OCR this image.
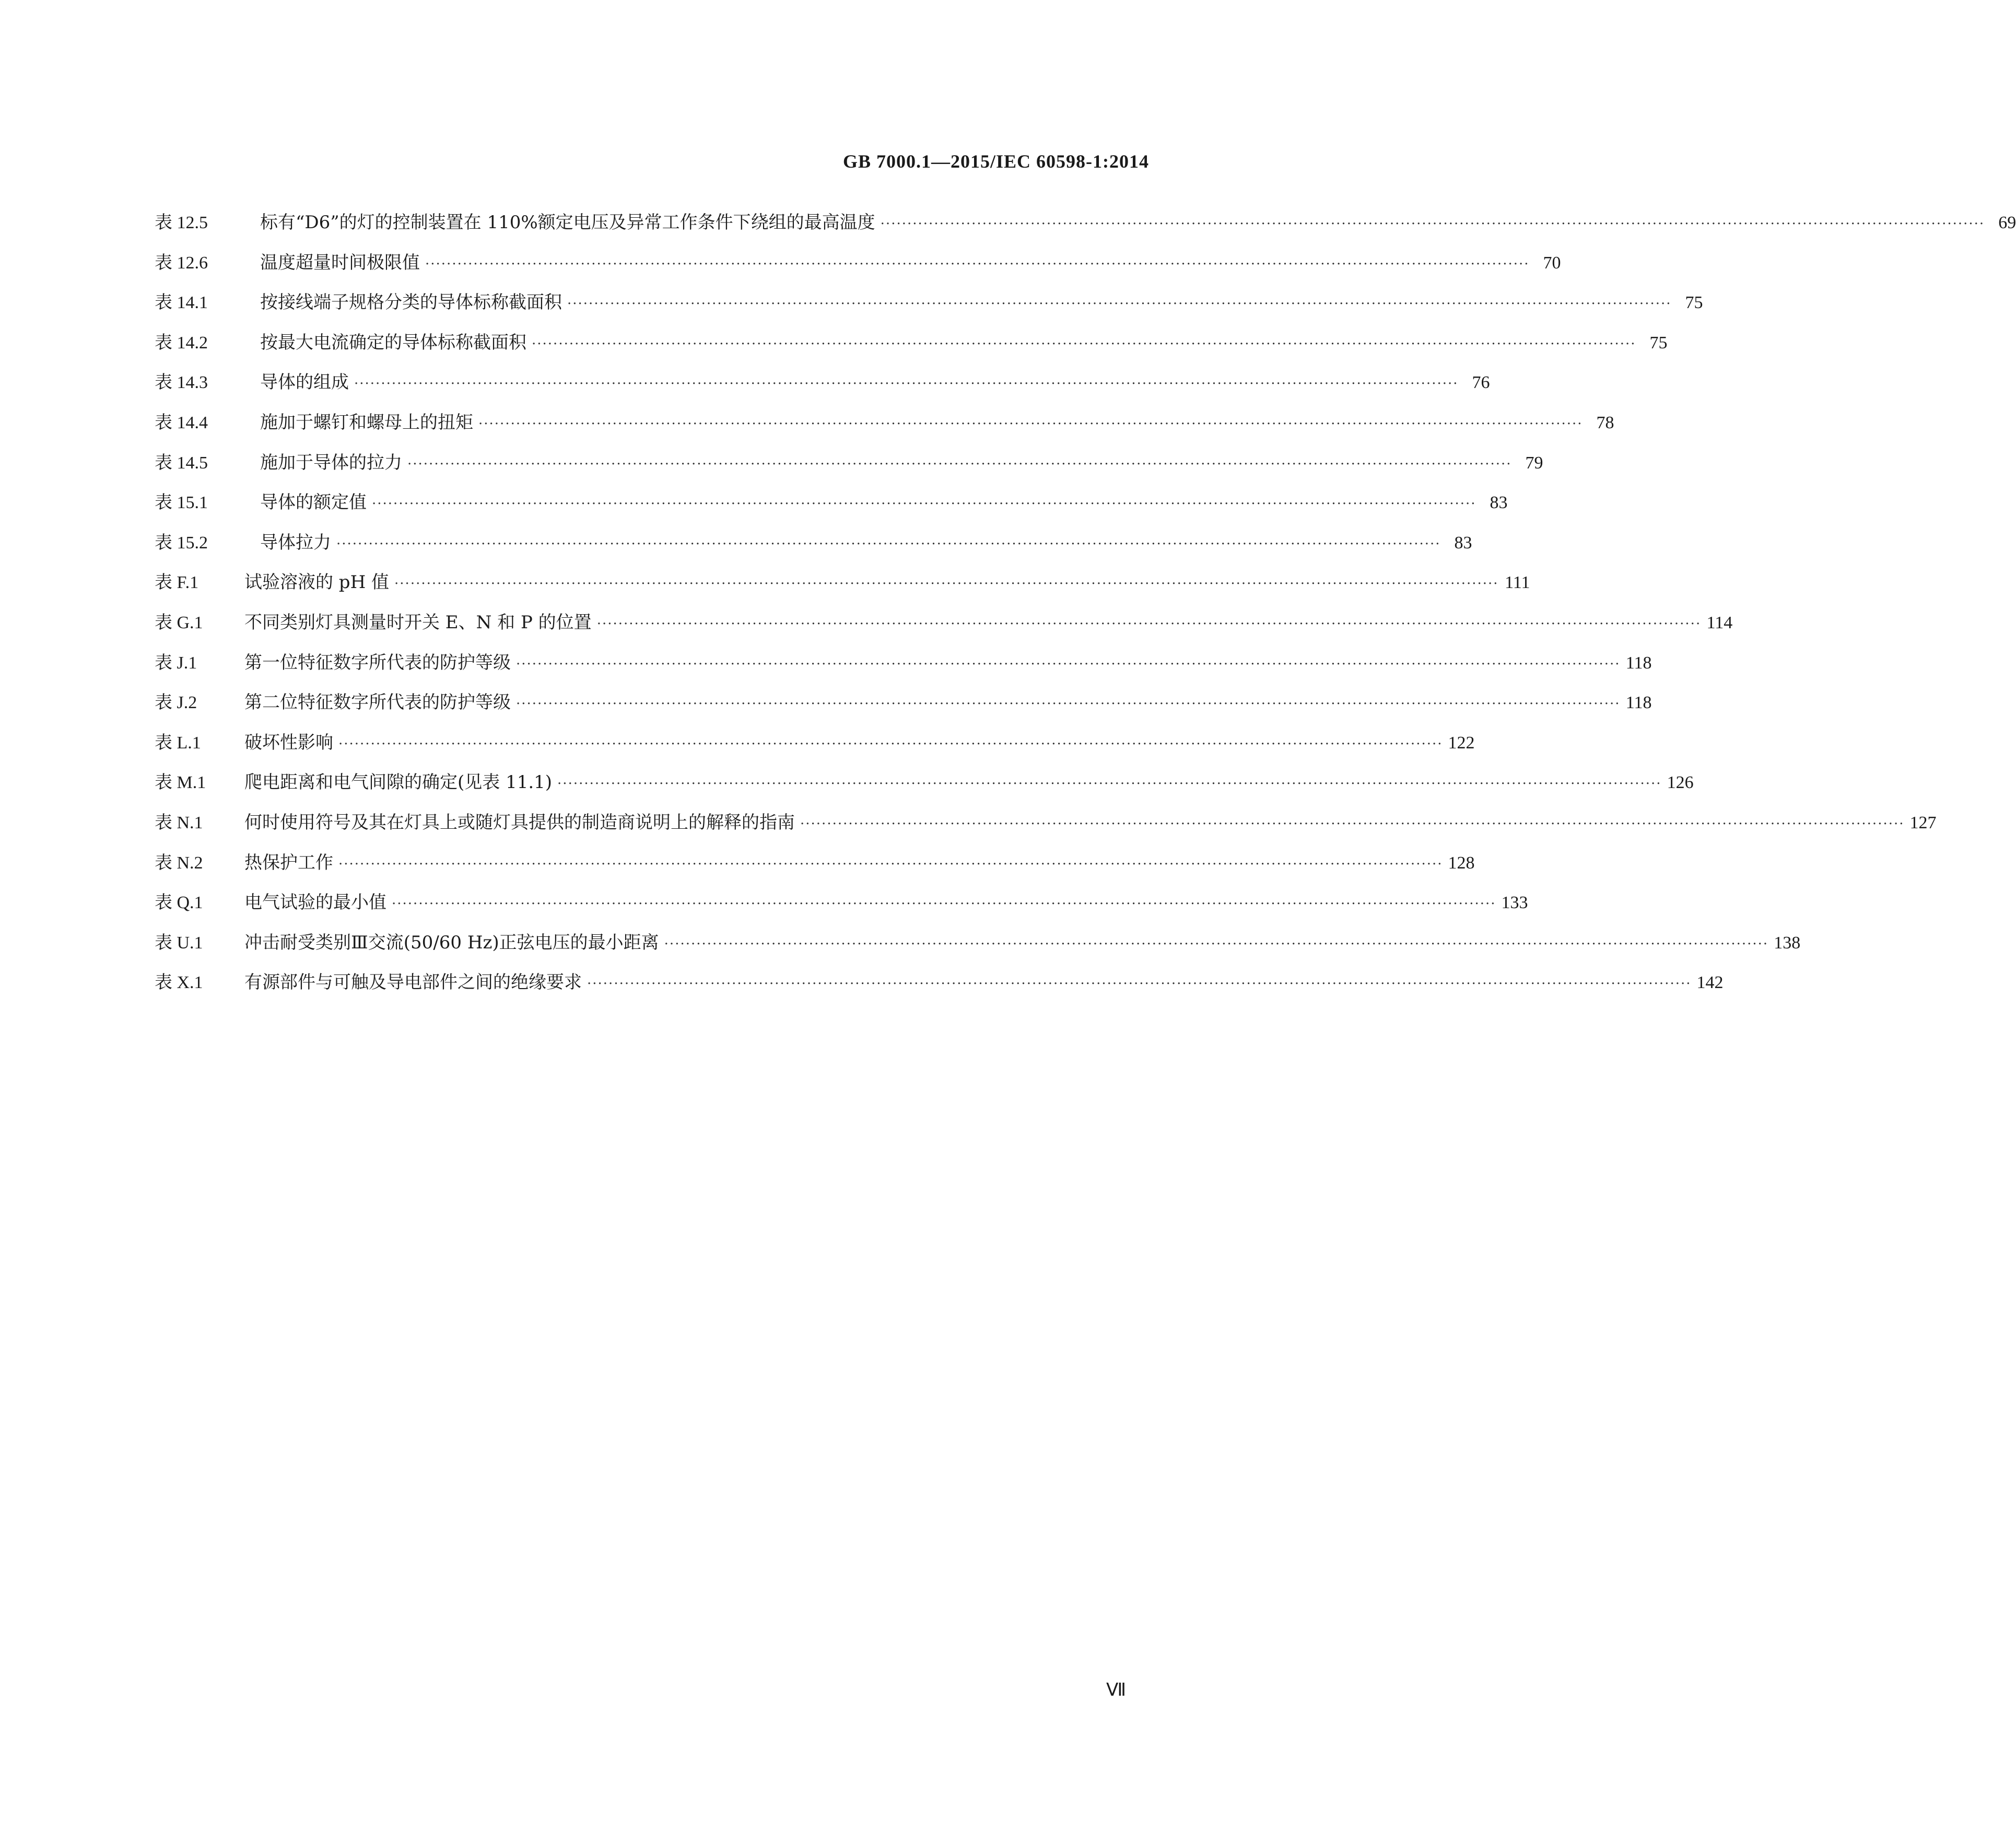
GB 7000.1—2015/IEC 60598-1:2014
表 12.5	标有“D6”的灯的控制装置在 110%额定电压及异常工作条件下绕组的最高温度 ·····	69
表 12.6	温度超量时间极限值 ·····	70
表 14.1	按接线端子规格分类的导体标称截面积 ·····	75
表 14.2	按最大电流确定的导体标称截面积 ·····	75
表 14.3	导体的组成 ·····	76
表 14.4	施加于螺钉和螺母上的扭矩 ·····	78
表 14.5	施加于导体的拉力 ·····	79
表 15.1	导体的额定值 ·····	83
表 15.2	导体拉力 ·····	83
表 F.1	试验溶液的 pH 值 ·····	111
表 G.1	不同类别灯具测量时开关 E、N 和 P 的位置 ·····	114
表 J.1	第一位特征数字所代表的防护等级 ·····	118
表 J.2	第二位特征数字所代表的防护等级 ·····	118
表 L.1	破坏性影响 ·····	122
表 M.1	爬电距离和电气间隙的确定(见表 11.1) ·····	126
表 N.1	何时使用符号及其在灯具上或随灯具提供的制造商说明上的解释的指南 ·····	127
表 N.2	热保护工作 ·····	128
表 Q.1	电气试验的最小值 ·····	133
表 U.1	冲击耐受类别Ⅲ交流(50/60 Hz)正弦电压的最小距离 ·····	138
表 X.1	有源部件与可触及导电部件之间的绝缘要求 ·····	142
Ⅶ
